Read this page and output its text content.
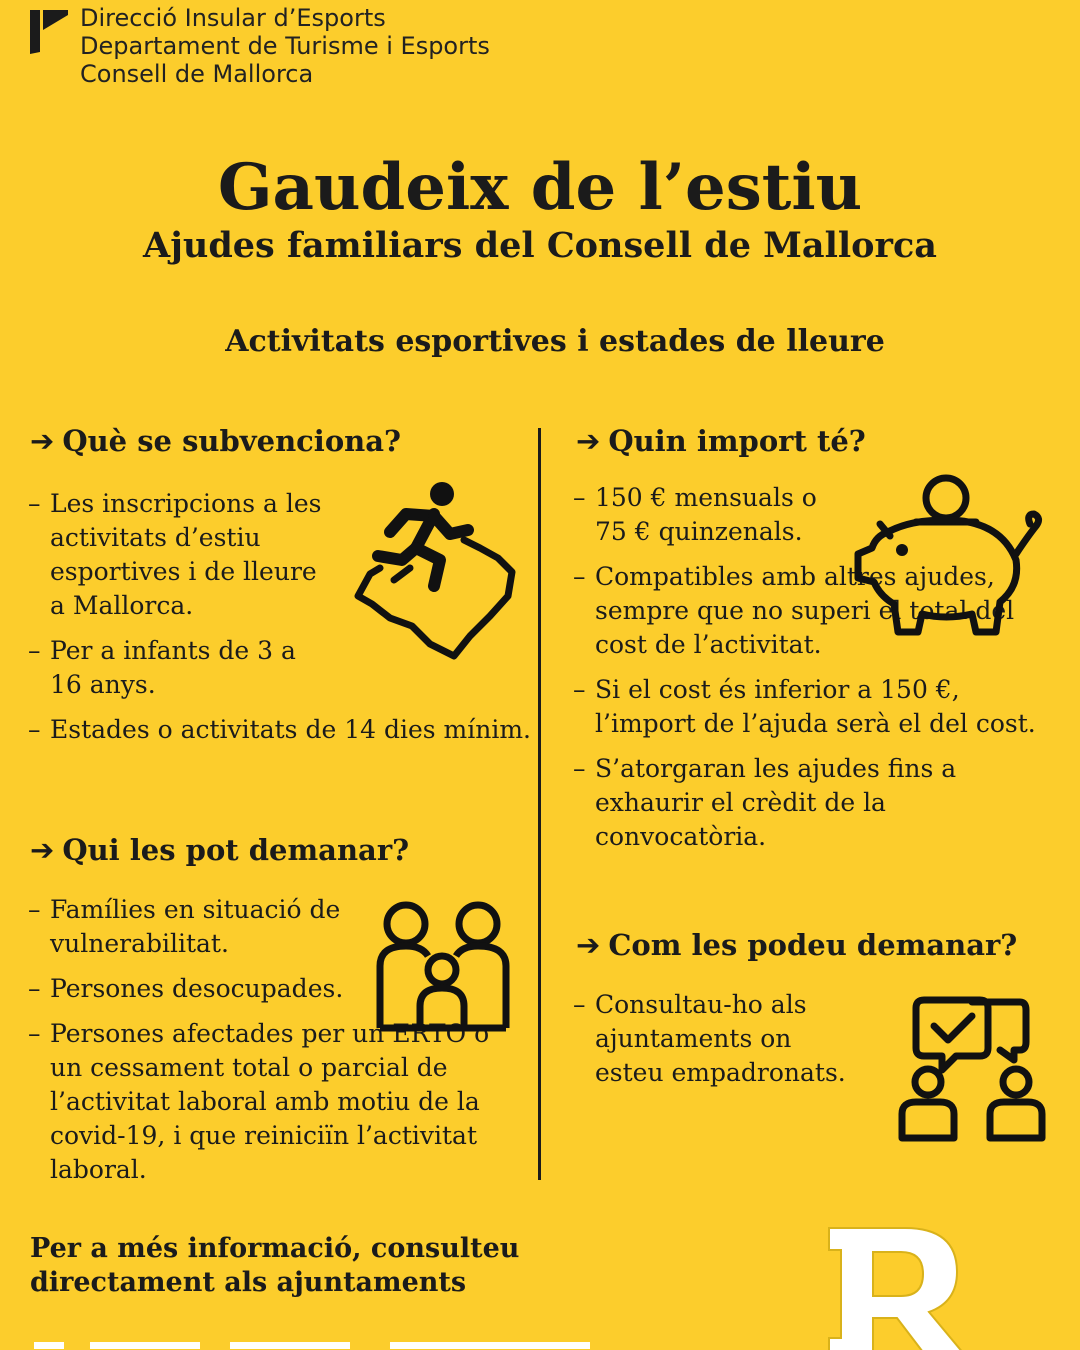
Direcció Insular d’Esports
Departament de Turisme i Esports
Consell de Mallorca
Gaudeix de l’estiu
Ajudes familiars del Consell de Mallorca
Activitats esportives i estades de lleure
➔ Què se subvenciona?
– Les inscripcions a les activitats d’estiu esportives i de lleure a Mallorca.
– Per a infants de 3 a 16 anys.
– Estades o activitats de 14 dies mínim.
➔ Qui les pot demanar?
– Famílies en situació de vulnerabilitat.
– Persones desocupades.
– Persones afectades per un ERTO o un cessament total o parcial de l’activitat laboral amb motiu de la covid-19, i que reiniciïn l’activitat laboral.
➔ Quin import té?
– 150 € mensuals o 75 € quinzenals.
– Compatibles amb altres ajudes, sempre que no superi el total del cost de l’activitat.
– Si el cost és inferior a 150 €, l’import de l’ajuda serà el del cost.
– S’atorgaran les ajudes fins a exhaurir el crèdit de la convocatòria.
➔ Com les podeu demanar?
– Consultau-ho als ajuntaments on esteu empadronats.
Per a més informació, consulteu directament als ajuntaments
